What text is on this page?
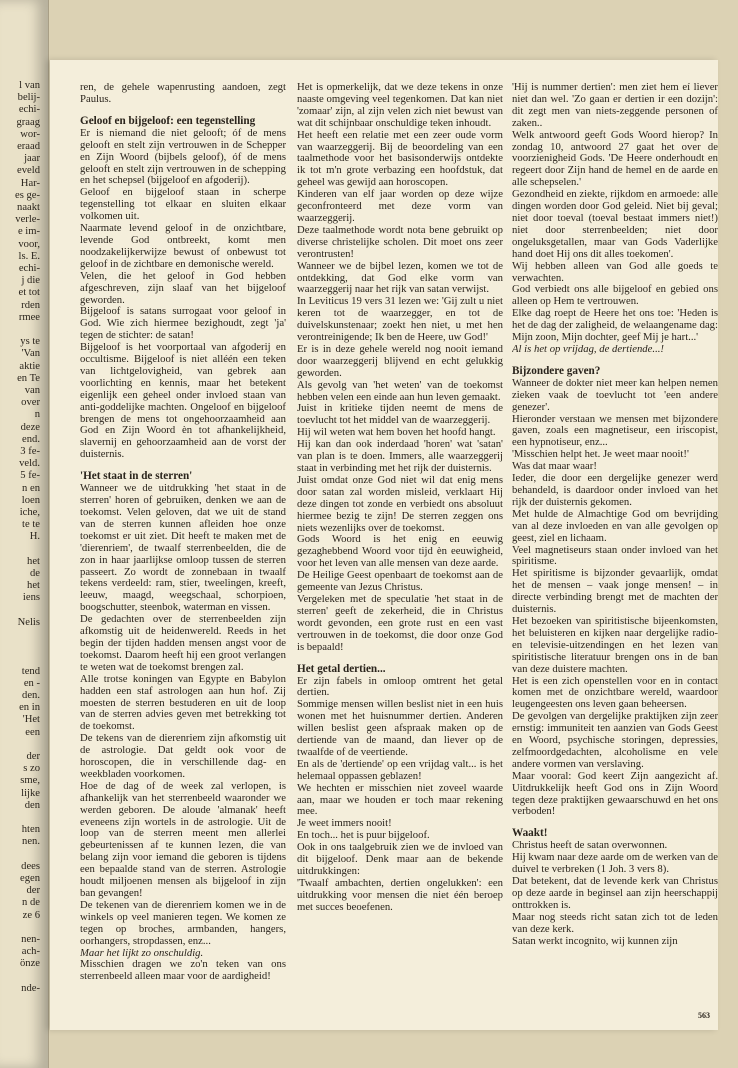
l van
belij-
echi-
graag
wor-
eraad
jaar
eveld
Har-
es ge-
naakt
verle-
e im-
voor,
ls. E.
echi-
j die
et tot
rden
rmee
ys te
'Van
aktie
en Te
van
over
n
deze
end.
3 fe-
veld.
5 fe-
n en
loen
iche,
te te
H.
het
de
het
iens
Nelis
tend
en -
den.
en in
'Het
een
der
s zo
sme,
lijke
den
hten
nen.
dees
egen
der
n de
ze 6
nen-
ach-
önze
nde-

ren, de gehele wapenrusting aandoen, zegt Paulus.

Geloof en bijgeloof: een tegenstelling

Er is niemand die niet gelooft; óf de mens gelooft en stelt zijn vertrouwen in de Schepper en Zijn Woord (bijbels geloof), óf de mens gelooft en stelt zijn vertrouwen in de schepping en het schepsel (bijgeloof en afgoderij).

Geloof en bijgeloof staan in scherpe tegenstelling tot elkaar en sluiten elkaar volkomen uit.

Naarmate levend geloof in de onzichtbare, levende God ontbreekt, komt men noodzakelijkerwijze bewust of onbewust tot geloof in de zichtbare en demonische wereld.

Velen, die het geloof in God hebben afgeschreven, zijn slaaf van het bijgeloof geworden.

Bijgeloof is satans surrogaat voor geloof in God. Wie zich hiermee bezighoudt, zegt 'ja' tegen de stichter: de satan!

Bijgeloof is het voorportaal van afgoderij en occultisme. Bijgeloof is niet alléén een teken van lichtgelovigheid, van gebrek aan voorlichting en kennis, maar het betekent eigenlijk een geheel onder invloed staan van anti-goddelijke machten. Ongeloof en bijgeloof brengen de mens tot ongehoorzaamheid aan God en Zijn Woord èn tot afhankelijkheid, slavernij en gehoorzaamheid aan de vorst der duisternis.

'Het staat in de sterren'

Wanneer we de uitdrukking 'het staat in de sterren' horen of gebruiken, denken we aan de toekomst. Velen geloven, dat we uit de stand van de sterren kunnen afleiden hoe onze toekomst er uit ziet. Dit heeft te maken met de 'dierenriem', de twaalf sterrenbeelden, die de zon in haar jaarlijkse omloop tussen de sterren passeert. Zo wordt de zonnebaan in twaalf tekens verdeeld: ram, stier, tweelingen, kreeft, leeuw, maagd, weegschaal, schorpioen, boogschutter, steenbok, waterman en vissen.

De gedachten over de sterrenbeelden zijn afkomstig uit de heidenwereld. Reeds in het begin der tijden hadden mensen angst voor de toekomst. Daarom heeft hij een groot verlangen te weten wat de toekomst brengen zal.

Alle trotse koningen van Egypte en Babylon hadden een staf astrologen aan hun hof. Zij moesten de sterren bestuderen en uit de loop van de sterren advies geven met betrekking tot de toekomst.

De tekens van de dierenriem zijn afkomstig uit de astrologie. Dat geldt ook voor de horoscopen, die in verschillende dag- en weekbladen voorkomen.

Hoe de dag of de week zal verlopen, is afhankelijk van het sterrenbeeld waaronder we werden geboren. De aloude 'almanak' heeft eveneens zijn wortels in de astrologie. Uit de loop van de sterren meent men allerlei gebeurtenissen af te kunnen lezen, die van belang zijn voor iemand die geboren is tijdens een bepaalde stand van de sterren. Astrologie houdt miljoenen mensen als bijgeloof in zijn ban gevangen!

De tekenen van de dierenriem komen we in de winkels op veel manieren tegen. We komen ze tegen op broches, armbanden, hangers, oorhangers, stropdassen, enz...

Maar het lijkt zo onschuldig.

Misschien dragen we zo'n teken van ons sterrenbeeld alleen maar voor de aardigheid!

Het is opmerkelijk, dat we deze tekens in onze naaste omgeving veel tegenkomen. Dat kan niet 'zomaar' zijn, al zijn velen zich niet bewust van wat dit schijnbaar onschuldige teken inhoudt.

Het heeft een relatie met een zeer oude vorm van waarzeggerij. Bij de beoordeling van een taalmethode voor het basisonderwijs ontdekte ik tot m'n grote verbazing een hoofdstuk, dat geheel was gewijd aan horoscopen.

Kinderen van elf jaar worden op deze wijze geconfronteerd met deze vorm van waarzeggerij.

Deze taalmethode wordt nota bene gebruikt op diverse christelijke scholen. Dit moet ons zeer verontrusten!

Wanneer we de bijbel lezen, komen we tot de ontdekking, dat God elke vorm van waarzeggerij naar het rijk van satan verwijst.

In Leviticus 19 vers 31 lezen we: 'Gij zult u niet keren tot de waarzegger, en tot de duivelskunstenaar; zoekt hen niet, u met hen verontreinigende; Ik ben de Heere, uw God!'

Er is in deze gehele wereld nog nooit iemand door waarzeggerij blijvend en echt gelukkig geworden.

Als gevolg van 'het weten' van de toekomst hebben velen een einde aan hun leven gemaakt.

Juist in kritieke tijden neemt de mens de toevlucht tot het middel van de waarzeggerij.

Hij wil weten wat hem boven het hoofd hangt.

Hij kan dan ook inderdaad 'horen' wat 'satan' van plan is te doen. Immers, alle waarzeggerij staat in verbinding met het rijk der duisternis.

Juist omdat onze God niet wil dat enig mens door satan zal worden misleid, verklaart Hij deze dingen tot zonde en verbiedt ons absoluut hiermee bezig te zijn! De sterren zeggen ons niets wezenlijks over de toekomst.

Gods Woord is het enig en eeuwig gezaghebbend Woord voor tijd èn eeuwigheid, voor het leven van alle mensen van deze aarde.

De Heilige Geest openbaart de toekomst aan de gemeente van Jezus Christus.

Vergeleken met de speculatie 'het staat in de sterren' geeft de zekerheid, die in Christus wordt gevonden, een grote rust en een vast vertrouwen in de toekomst, die door onze God is bepaald!

Het getal dertien...

Er zijn fabels in omloop omtrent het getal dertien.

Sommige mensen willen beslist niet in een huis wonen met het huisnummer dertien. Anderen willen beslist geen afspraak maken op de dertiende van de maand, dan liever op de twaalfde of de veertiende.

En als de 'dertiende' op een vrijdag valt... is het helemaal oppassen geblazen!

We hechten er misschien niet zoveel waarde aan, maar we houden er toch maar rekening mee.

Je weet immers nooit!

En toch... het is puur bijgeloof.

Ook in ons taalgebruik zien we de invloed van dit bijgeloof. Denk maar aan de bekende uitdrukkingen:

'Twaalf ambachten, dertien ongelukken': een uitdrukking voor mensen die niet één beroep met succes beoefenen.

'Hij is nummer dertien': men ziet hem eí liever niet dan wel. 'Zo gaan er dertien ir een dozijn': dit zegt men van niets-zeggende personen of zaken..

Welk antwoord geeft Gods Woord hierop? In zondag 10, antwoord 27 gaat het over de voorzienigheid Gods. 'De Heere onderhoudt en regeert door Zijn hand de hemel en de aarde en alle schepselen.'

Gezondheid en ziekte, rijkdom en armoede: alle dingen worden door God geleid. Niet bij geval; niet door toeval (toeval bestaat immers niet!) niet door sterrenbeelden; niet door ongeluksgetallen, maar van Gods Vaderlijke hand doet Hij ons dit alles toekomen'.

Wij hebben alleen van God alle goeds te verwachten.

God verbiedt ons alle bijgeloof en gebied ons alleen op Hem te vertrouwen.

Elke dag roept de Heere het ons toe: 'Heden is het de dag der zaligheid, de welaangename dag: Mijn zoon, Mijn dochter, geef Mij je hart...'

Al is het op vrijdag, de dertiende...!

Bijzondere gaven?

Wanneer de dokter niet meer kan helpen nemen zieken vaak de toevlucht tot 'een andere genezer'.

Hieronder verstaan we mensen met bijzondere gaven, zoals een magnetiseur, een iriscopist, een hypnotiseur, enz...

'Misschien helpt het. Je weet maar nooit!'

Was dat maar waar!

Ieder, die door een dergelijke genezer werd behandeld, is daardoor onder invloed van het rijk der duisternis gekomen.

Met hulde de Almachtige God om bevrijding van al deze invloeden en van alle gevolgen op geest, ziel en lichaam.

Veel magnetiseurs staan onder invloed van het spiritisme.

Het spiritisme is bijzonder gevaarlijk, omdat het de mensen – vaak jonge mensen! – in directe verbinding brengt met de machten der duisternis.

Het bezoeken van spiritistische bijeenkomsten, het beluisteren en kijken naar dergelijke radio- en televisie-uitzendingen en het lezen van spiritistische literatuur brengen ons in de ban van deze duistere machten.

Het is een zich openstellen voor en in contact komen met de onzichtbare wereld, waardoor leugengeesten ons leven gaan beheersen.

De gevolgen van dergelijke praktijken zijn zeer ernstig: immuniteit ten aanzien van Gods Geest en Woord, psychische storingen, depressies, zelfmoordgedachten, alcoholisme en vele andere vormen van verslaving.

Maar vooral: God keert Zijn aangezicht af. Uitdrukkelijk heeft God ons in Zijn Woord tegen deze praktijken gewaarschuwd en het ons verboden!

Waakt!

Christus heeft de satan overwonnen.

Hij kwam naar deze aarde om de werken van de duivel te verbreken (1 Joh. 3 vers 8).

Dat betekent, dat de levende kerk van Christus op deze aarde in beginsel aan zijn heerschappij onttrokken is.

Maar nog steeds richt satan zich tot de leden van deze kerk.

Satan werkt incognito, wij kunnen zijn

563
